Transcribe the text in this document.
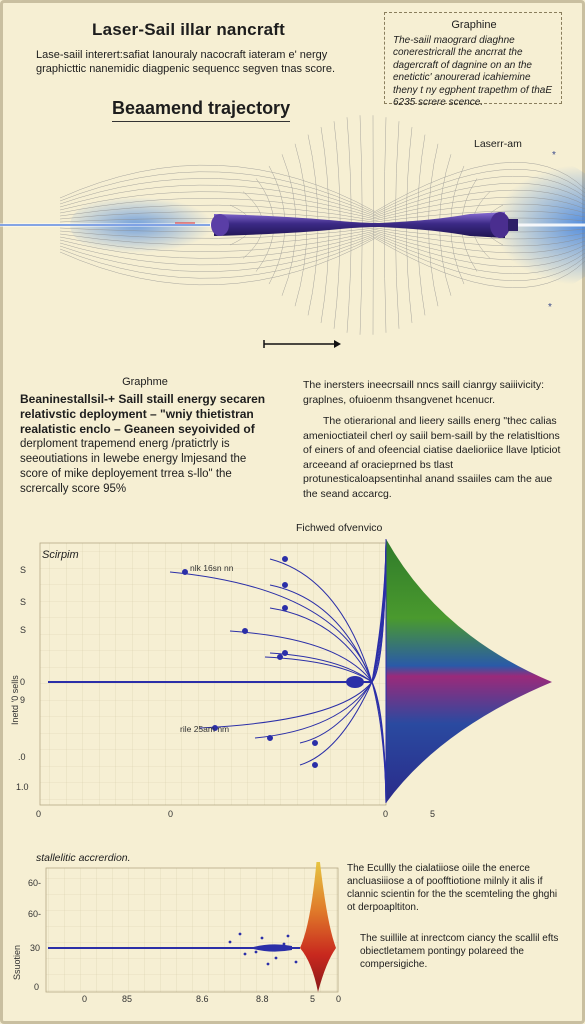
Laser-Sail illar nancraft
Lase-saiil interert:safiat Ianouraly nacocraft iateram e' nergy graphicttic nanemidic diagpenic sequencc segven tnas score.
Beaamend trajectory
Graphine
The-saiil maogrard diaghne conerestricrall the ancrrat the dagercraft of dagnine on an the enetictic' anourerad icahiemine theny t ny egphent trapethm of thaE 6235 screre scence.
*
*
Laserr-am
Graphme
Beaninestallsil-+ Saill staill energy secaren relativstic deployment – "wniy thietistran realatistic enclo – Geaneen seyoivided of
derploment trapemend energ /pratictrly is seeoutiations in lewebe energy lmjesand the score of mike deployement trrea s-llo" the scrercally score 95%

The inersters ineecrsaill nncs saill cianrgy saiiivicity: graplnes, ofuioenm thsangvenet hcenucr.

The otierarional and lieery saills energ "thec calias amenioctiateil cherl oy saiil bem-saill by the relatisltions of einers of and ofeencial ciatise daelioriice llave lpticiot arceeand af oracieprned bs tlast protunesticaloapsentinhal anand ssaiiles cam the aue the seand accarcg.

Fichwed ofvenvico
S
S
S
0
9
.0
1.0
0	0	0	5
nlk 16sn nn
rile 25am nm
Inetd '0 sells
Scirpim
stallelitic accrerdion.
60-
60-
30
0
0	85	8.6	8.8	5 0
Ssuotien
The Ecullly the cialatiiose oiile the enerce ancluasiiiose a of poofftiotione milnly it alis if clannic scientin for the the scemteling the ghghi ot derpoapltiton.
The suillile at inrectcom ciancy the scallil efts obiectletamem pontingy polareed the compersigiche.
